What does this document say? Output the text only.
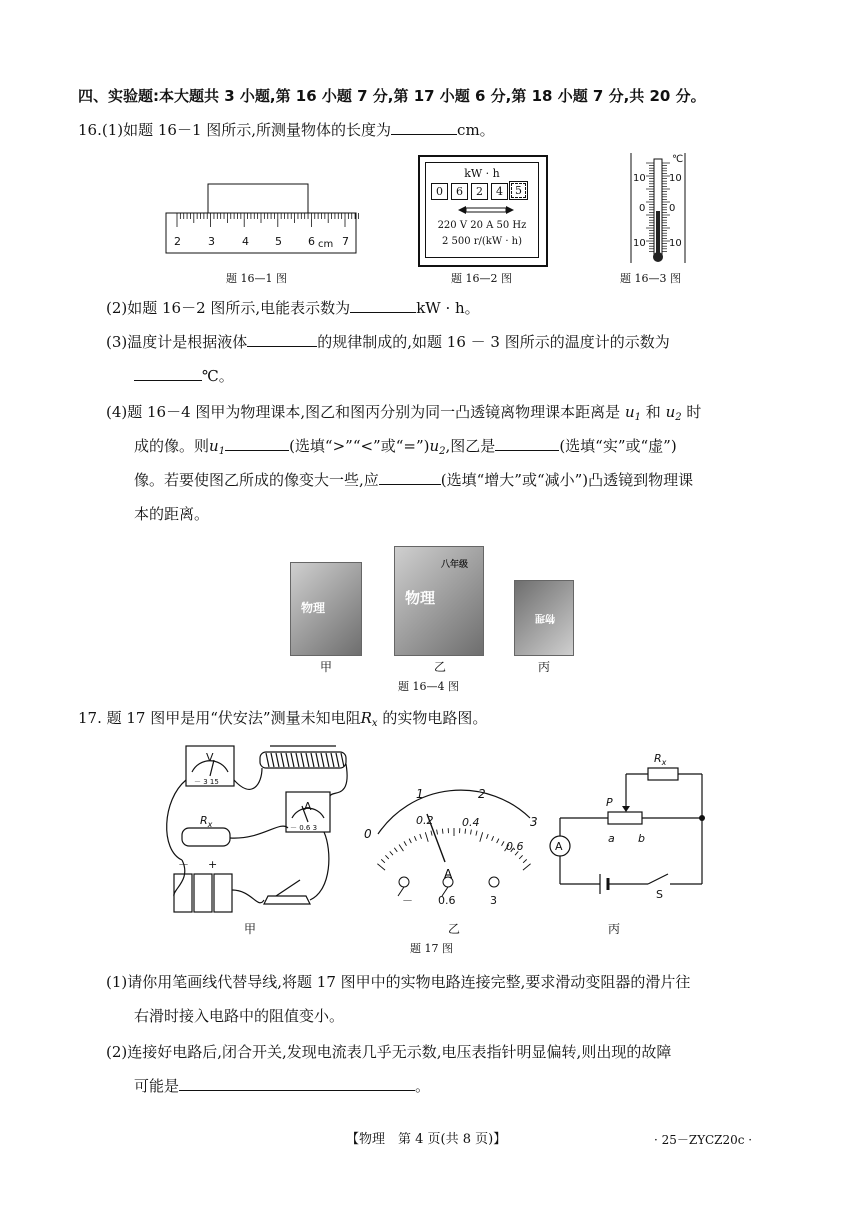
四、实验题:本大题共 3 小题,第 16 小题 7 分,第 17 小题 6 分,第 18 小题 7 分,共 20 分。
16.(1)如题 16－1 图所示,所测量物体的长度为	cm。
2 3 4 5 6 cm 7
kW · h
0	6	2	4	5
220 V 20 A 50 Hz
2 500 r/(kW · h)
℃
10 10
0 0
10 10
题 16—1 图	题 16—2 图	题 16—3 图
(2)如题 16－2 图所示,电能表示数为	kW · h。
(3)温度计是根据液体	的规律制成的,如题 16 － 3 图所示的温度计的示数为
℃。
(4)题 16－4 图甲为物理课本,图乙和图丙分别为同一凸透镜离物理课本距离是 $u_1$ 和 $u_2$ 时
成的像。则$u_1$	(选填“>”“<”或“$=”)u_2$,图乙是	(选填“实”或“虚”)
像。若要使图乙所成的像变大一些,应	(选填“增大”或“减小”)凸透镜到物理课
本的距离。
物理
八年级
物理
物理
甲	乙	丙
题 16—4 图
17. 题 17 图甲是用“伏安法”测量未知电阻$R_x$ 的实物电路图。
V
－ 3 15
$R_x$
A
－ 0.6 3
－ +
0
1	2
3
0.2	0.4
0.6
A
－ 0.6	3
$R_x$
P
a b
A
S
甲	乙	丙
题 17 图
(1)请你用笔画线代替导线,将题 17 图甲中的实物电路连接完整,要求滑动变阻器的滑片往
右滑时接入电路中的阻值变小。
(2)连接好电路后,闭合开关,发现电流表几乎无示数,电压表指针明显偏转,则出现的故障
可能是	。
【物理　第 4 页(共 8 页)】	· 25－ZYCZ20c ·
